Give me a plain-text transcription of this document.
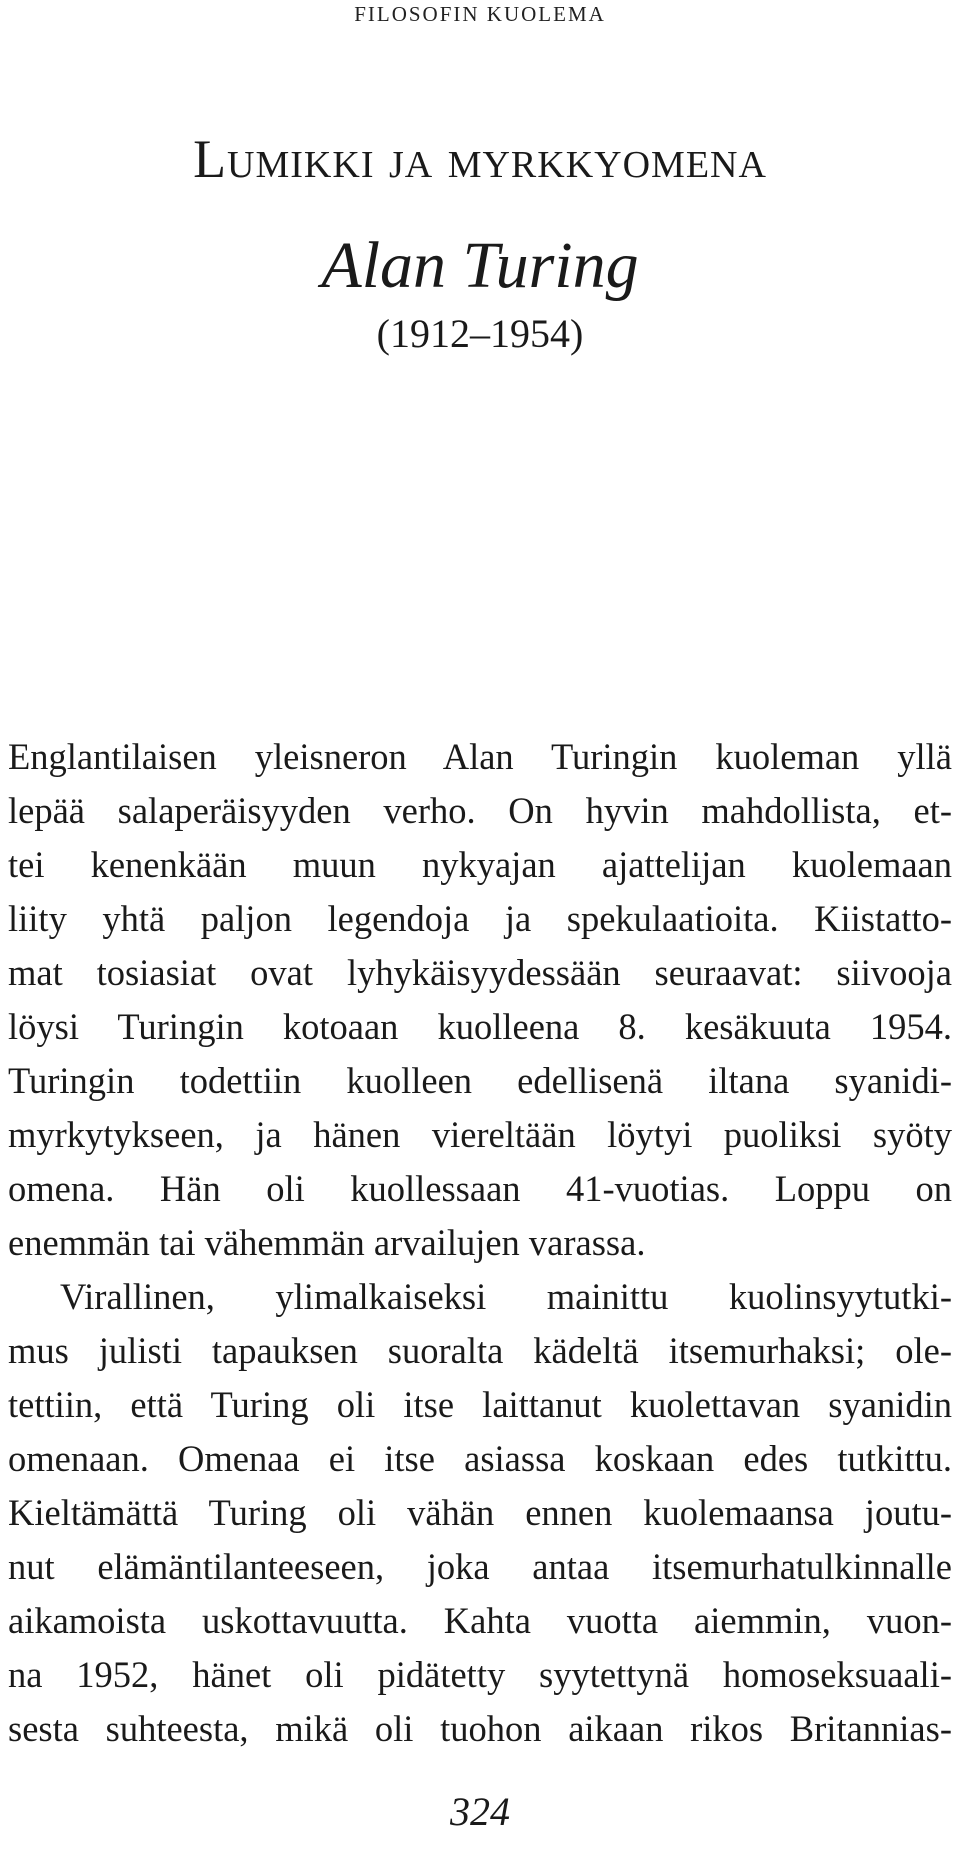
FILOSOFIN KUOLEMA
Lumikki ja myrkkyomena
Alan Turing
(1912–1954)
Englantilaisen yleisneron Alan Turingin kuoleman yllä
lepää salaperäisyyden verho. On hyvin mahdollista, et-
tei kenenkään muun nykyajan ajattelijan kuolemaan
liity yhtä paljon legendoja ja spekulaatioita. Kiistatto-
mat tosiasiat ovat lyhykäisyydessään seuraavat: siivooja
löysi Turingin kotoaan kuolleena 8. kesäkuuta 1954.
Turingin todettiin kuolleen edellisenä iltana syanidi-
myrkytykseen, ja hänen viereltään löytyi puoliksi syöty
omena. Hän oli kuollessaan 41-vuotias. Loppu on
enemmän tai vähemmän arvailujen varassa.
Virallinen, ylimalkaiseksi mainittu kuolinsyytutki-
mus julisti tapauksen suoralta kädeltä itsemurhaksi; ole-
tettiin, että Turing oli itse laittanut kuolettavan syanidin
omenaan. Omenaa ei itse asiassa koskaan edes tutkittu.
Kieltämättä Turing oli vähän ennen kuolemaansa joutu-
nut elämäntilanteeseen, joka antaa itsemurhatulkinnalle
aikamoista uskottavuutta. Kahta vuotta aiemmin, vuon-
na 1952, hänet oli pidätetty syytettynä homoseksuaali-
sesta suhteesta, mikä oli tuohon aikaan rikos Britannias-
324
